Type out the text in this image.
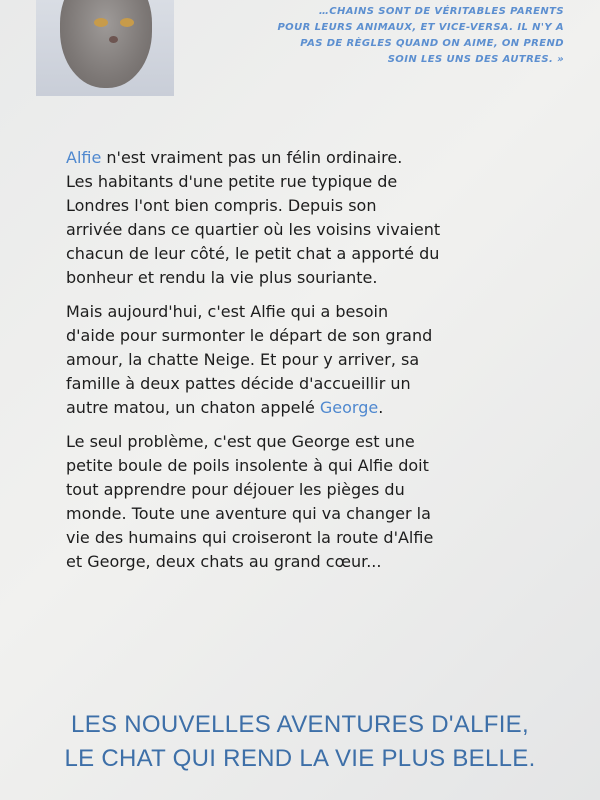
…CHAINS SONT DE VÉRITABLES PARENTS
POUR LEURS ANIMAUX, ET VICE-VERSA. IL N'Y A
PAS DE RÈGLES QUAND ON AIME, ON PREND
SOIN LES UNS DES AUTRES. »

Alfie n'est vraiment pas un félin ordinaire.
Les habitants d'une petite rue typique de
Londres l'ont bien compris. Depuis son
arrivée dans ce quartier où les voisins vivaient
chacun de leur côté, le petit chat a apporté du
bonheur et rendu la vie plus souriante.

Mais aujourd'hui, c'est Alfie qui a besoin
d'aide pour surmonter le départ de son grand
amour, la chatte Neige. Et pour y arriver, sa
famille à deux pattes décide d'accueillir un
autre matou, un chaton appelé George.

Le seul problème, c'est que George est une
petite boule de poils insolente à qui Alfie doit
tout apprendre pour déjouer les pièges du
monde. Toute une aventure qui va changer la
vie des humains qui croiseront la route d'Alfie
et George, deux chats au grand cœur...

LES NOUVELLES AVENTURES D'ALFIE,
LE CHAT QUI REND LA VIE PLUS BELLE.
